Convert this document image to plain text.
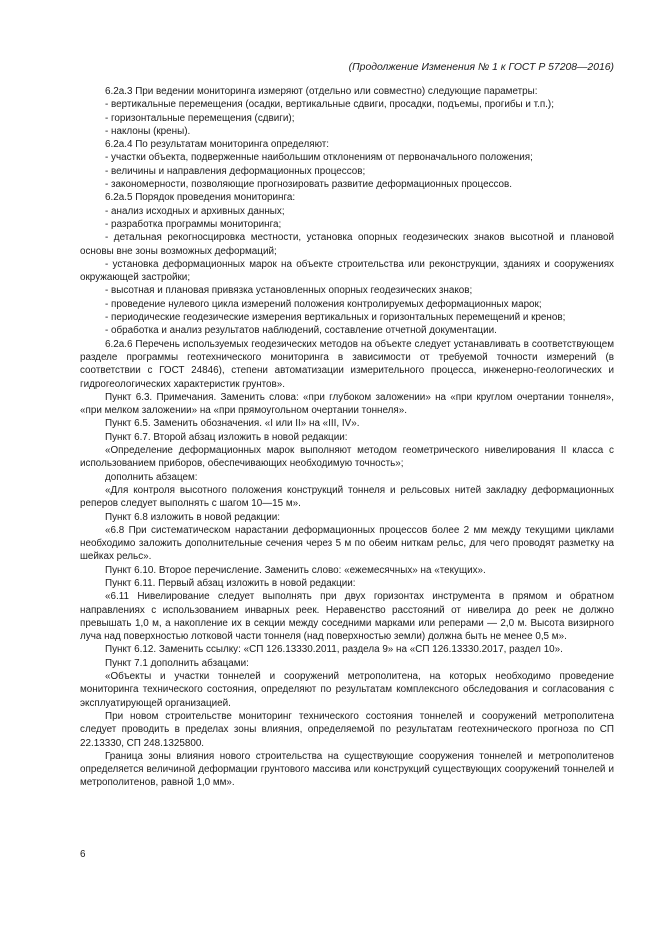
(Продолжение Изменения № 1 к ГОСТ Р 57208—2016)

6.2а.3 При ведении мониторинга измеряют (отдельно или совместно) следующие параметры:

- вертикальные перемещения (осадки, вертикальные сдвиги, просадки, подъемы, прогибы и т.п.);

- горизонтальные перемещения (сдвиги);

- наклоны (крены).

6.2а.4 По результатам мониторинга определяют:

- участки объекта, подверженные наибольшим отклонениям от первоначального положения;

- величины и направления деформационных процессов;

- закономерности, позволяющие прогнозировать развитие деформационных процессов.

6.2а.5 Порядок проведения мониторинга:

- анализ исходных и архивных данных;

- разработка программы мониторинга;

- детальная рекогносцировка местности, установка опорных геодезических знаков высотной и плановой основы вне зоны возможных деформаций;

- установка деформационных марок на объекте строительства или реконструкции, зданиях и сооружениях окружающей застройки;

- высотная и плановая привязка установленных опорных геодезических знаков;

- проведение нулевого цикла измерений положения контролируемых деформационных марок;

- периодические геодезические измерения вертикальных и горизонтальных перемещений и кренов;

- обработка и анализ результатов наблюдений, составление отчетной документации.

6.2а.6 Перечень используемых геодезических методов на объекте следует устанавливать в соответствующем разделе программы геотехнического мониторинга в зависимости от требуемой точности измерений (в соответствии с ГОСТ 24846), степени автоматизации измерительного процесса, инженерно-геологических и гидрогеологических характеристик грунтов».

Пункт 6.3. Примечания. Заменить слова: «при глубоком заложении» на «при круглом очертании тоннеля», «при мелком заложении» на «при прямоугольном очертании тоннеля».

Пункт 6.5. Заменить обозначения. «I или II» на «III, IV».

Пункт 6.7. Второй абзац изложить в новой редакции:

«Определение деформационных марок выполняют методом геометрического нивелирования II класса с использованием приборов, обеспечивающих необходимую точность»;

дополнить абзацем:

«Для контроля высотного положения конструкций тоннеля и рельсовых нитей закладку деформационных реперов следует выполнять с шагом 10—15 м».

Пункт 6.8 изложить в новой редакции:

«6.8 При систематическом нарастании деформационных процессов более 2 мм между текущими циклами необходимо заложить дополнительные сечения через 5 м по обеим ниткам рельс, для чего проводят разметку на шейках рельс».

Пункт 6.10. Второе перечисление. Заменить слово: «ежемесячных» на «текущих».

Пункт 6.11. Первый абзац изложить в новой редакции:

«6.11 Нивелирование следует выполнять при двух горизонтах инструмента в прямом и обратном направлениях с использованием инварных реек. Неравенство расстояний от нивелира до реек не должно превышать 1,0 м, а накопление их в секции между соседними марками или реперами — 2,0 м. Высота визирного луча над поверхностью лотковой части тоннеля (над поверхностью земли) должна быть не менее 0,5 м».

Пункт 6.12. Заменить ссылку: «СП 126.13330.2011, раздела 9» на «СП 126.13330.2017, раздел 10».

Пункт 7.1 дополнить абзацами:

«Объекты и участки тоннелей и сооружений метрополитена, на которых необходимо проведение мониторинга технического состояния, определяют по результатам комплексного обследования и согласования с эксплуатирующей организацией.

При новом строительстве мониторинг технического состояния тоннелей и сооружений метрополитена следует проводить в пределах зоны влияния, определяемой по результатам геотехнического прогноза по СП 22.13330, СП 248.1325800.

Граница зоны влияния нового строительства на существующие сооружения тоннелей и метрополитенов определяется величиной деформации грунтового массива или конструкций существующих сооружений тоннелей и метрополитенов, равной 1,0 мм».

6
